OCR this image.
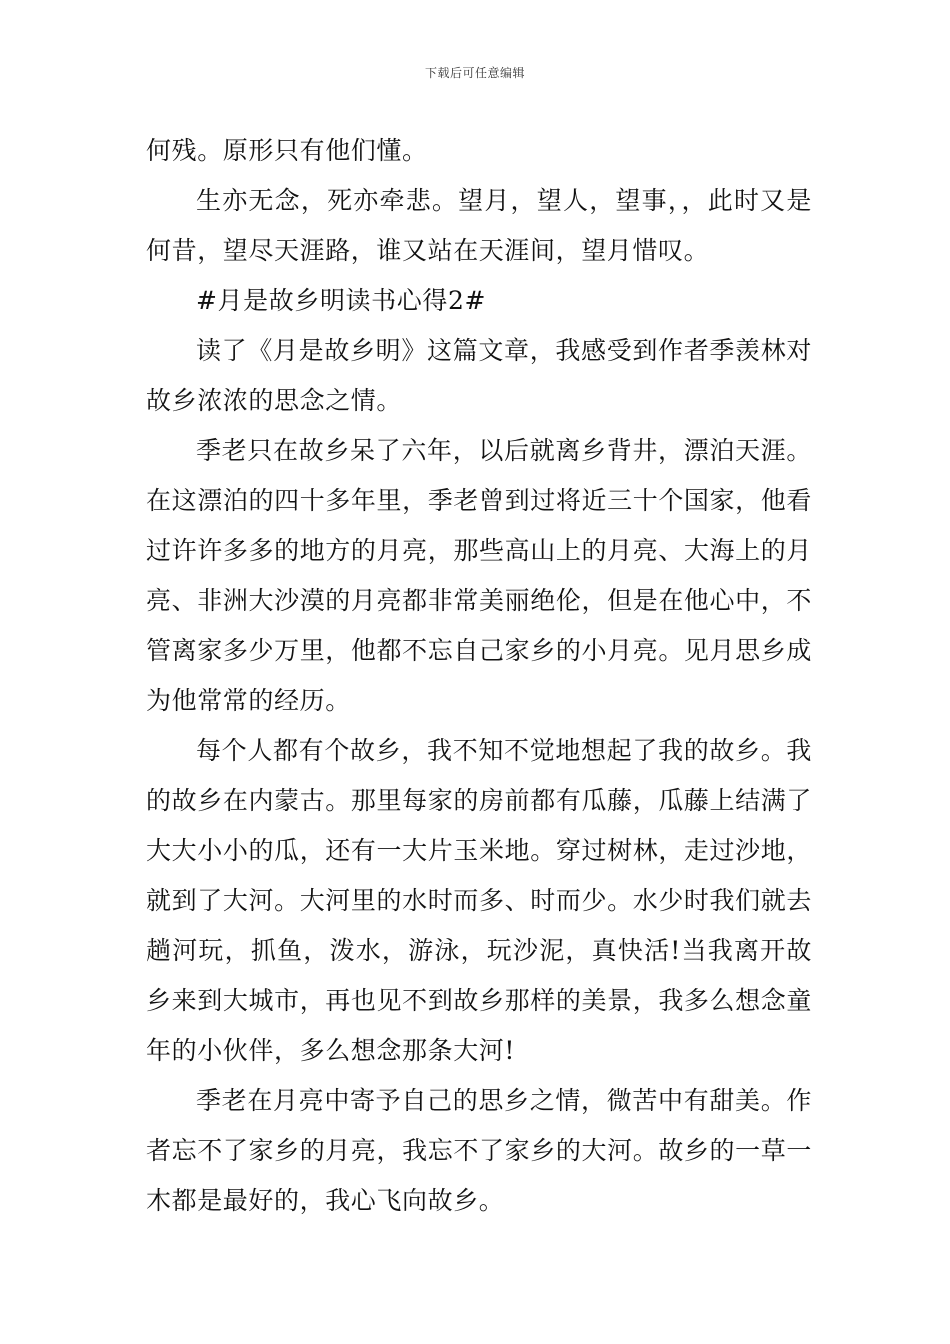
下载后可任意编辑

何残。原形只有他们懂。

生亦无念，死亦牵悲。望月，望人，望事，，此时又是何昔，望尽天涯路，谁又站在天涯间，望月惜叹。

#月是故乡明读书心得2#

读了《月是故乡明》这篇文章，我感受到作者季羡林对故乡浓浓的思念之情。

季老只在故乡呆了六年，以后就离乡背井，漂泊天涯。在这漂泊的四十多年里，季老曾到过将近三十个国家，他看过许许多多的地方的月亮，那些高山上的月亮、大海上的月亮、非洲大沙漠的月亮都非常美丽绝伦，但是在他心中，不管离家多少万里，他都不忘自己家乡的小月亮。见月思乡成为他常常的经历。

每个人都有个故乡，我不知不觉地想起了我的故乡。我的故乡在内蒙古。那里每家的房前都有瓜藤，瓜藤上结满了大大小小的瓜，还有一大片玉米地。穿过树林，走过沙地，就到了大河。大河里的水时而多、时而少。水少时我们就去趟河玩，抓鱼，泼水，游泳，玩沙泥，真快活!当我离开故乡来到大城市，再也见不到故乡那样的美景，我多么想念童年的小伙伴，多么想念那条大河!

季老在月亮中寄予自己的思乡之情，微苦中有甜美。作者忘不了家乡的月亮，我忘不了家乡的大河。故乡的一草一木都是最好的，我心飞向故乡。
